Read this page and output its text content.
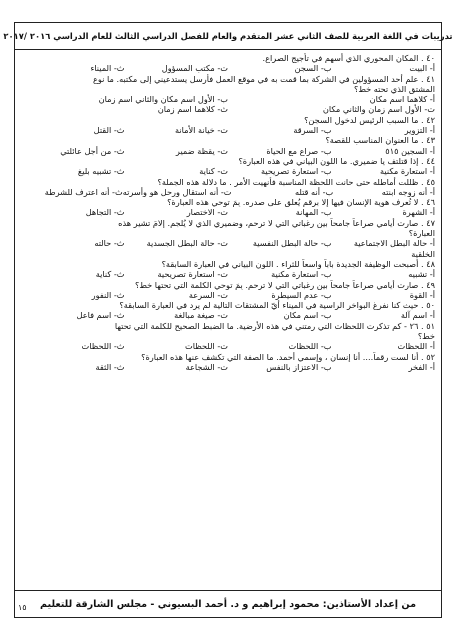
تدريبات في اللغة العربية للصف الثاني عشر المتقدم والعام للفصل الدراسي الثالث للعام الدراسي ٢٠١٦ /٢٠١٧
٤٠ . المكان المحوري الذي أسهم في تأجيج الصراع.
أ- البيت
ب- السجن
ت- مكتب المسؤول
ث- الميناء
٤١ . علم أحد المسؤولين في الشركة بما قمت به في موقع العمل فأرسل يستدعيني إلى مكتبه. ما نوع
المشتق الذي تحته خط؟
أ- كلاهما اسم مكان
ب- الأول اسم مكان والثاني اسم زمان
ت- الأول اسم زمان والثاني مكان
ث- كلاهما اسم زمان
٤٢ . ما السبب الرئيس لدخول السجن؟
أ- التزوير
ب- السرقة
ت- خيانة الأمانة
ث- القتل
٤٣ . ما العنوان المناسب للقصة؟
أ- السجين ٥١٥
ب- صراع مع الحياة
ت- يقظة ضمير
ث- من أجل عائلتي
٤٤ . إذا قتلتف يا ضميري. ما اللون البياني في هذه العبارة؟
أ- استعارة مكنية
ب- استعارة تصريحية
ت- كناية
ث- تشبيه بليغ
٤٥ . ظللت أماطله حتى حانت اللحظة المناسبة فأنهيت الأمر . ما دلالة هذه الجملة؟
أ- أنه زوجه ابنته
ب- أنه قتله
ت- أنه استقال ورحل هو وأسرته
ث- أنه اعترف للشرطة
٤٦ . لا تُعرف هوية الإنسان فيها إلا برقم يُعلق على صدره. بِمَ توحي هذه العبارة؟
أ- الشهرة
ب- المهانة
ت- الاختصار
ث- التجاهل
٤٧ . صارت أيامي صراعاً جامحاً بين رغباتي التي لا ترحم، وضميري الذي لا يُلجم. إلامَ تشير هذه
العبارة؟
أ- حالة البطل الاجتماعية
ب- حالة البطل النفسية
ت- حالة البطل الجسدية
ث- حالته
الخلقية
٤٨ . أصبحت الوظيفة الجديدة باباً واسعاً للثراء . اللون البياني في العبارة السابقة؟
أ- تشبيه
ب- استعارة مكنية
ت- استعارة تصريحية
ث- كناية
٤٩ . صارت أيامي صراعاً جامحاً بين رغباتي التي لا ترحم. بِمَ توحي الكلمة التي تحتها خط؟
أ- القوة
ب- عدم السيطرة
ت- السرعة
ث- النفور
٥٠ . حيث كنا نفرغ البواخر الراسية في الميناء أيّ المشتقات التالية لم يرد في العبارة السابقة؟
أ- اسم آلة
ب- اسم مكان
ت- صيغة مبالغة
ث- اسم فاعل
٥١ . ٢٦ - كم تذكرت اللحظات التي رمتني في هذه الأرضية. ما الضبط الصحيح للكلمة التي تحتها
خط؟
أ- اللحظات
ب- اللحظات
ت- اللحظات
ث- اللحظات
٥٢ . أنا لست رقماً.... أنا إنسان ، وإسمي أحمد. ما الصفة التي تكشف عنها هذه العبارة؟
أ- الفخر
ب- الاعتزاز بالنفس
ت- الشجاعة
ث- الثقة
من إعداد الأستاذين: محمود إبراهيم و د. أحمد البسيوني - مجلس الشارقة للتعليم
١٥
